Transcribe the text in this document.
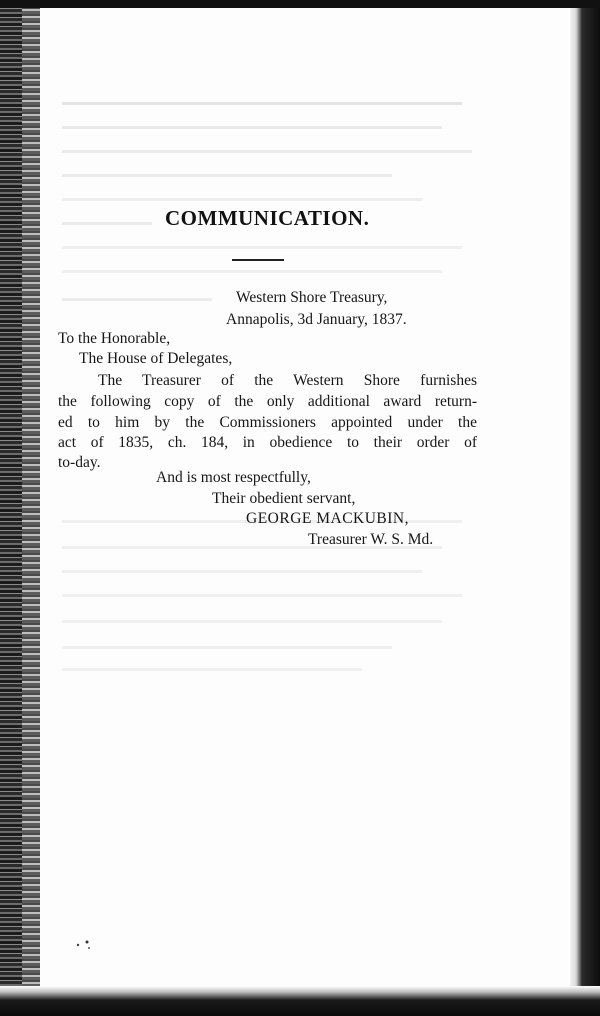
COMMUNICATION.
Western Shore Treasury,
Annapolis, 3d January, 1837.
To the Honorable,
The House of Delegates,
The Treasurer of the Western Shore furnishes
the following copy of the only additional award return-
ed to him by the Commissioners appointed under the
act of 1835, ch. 184, in obedience to their order of
to-day.
And is most respectfully,
Their obedient servant,
GEORGE MACKUBIN,
Treasurer W. S. Md.
